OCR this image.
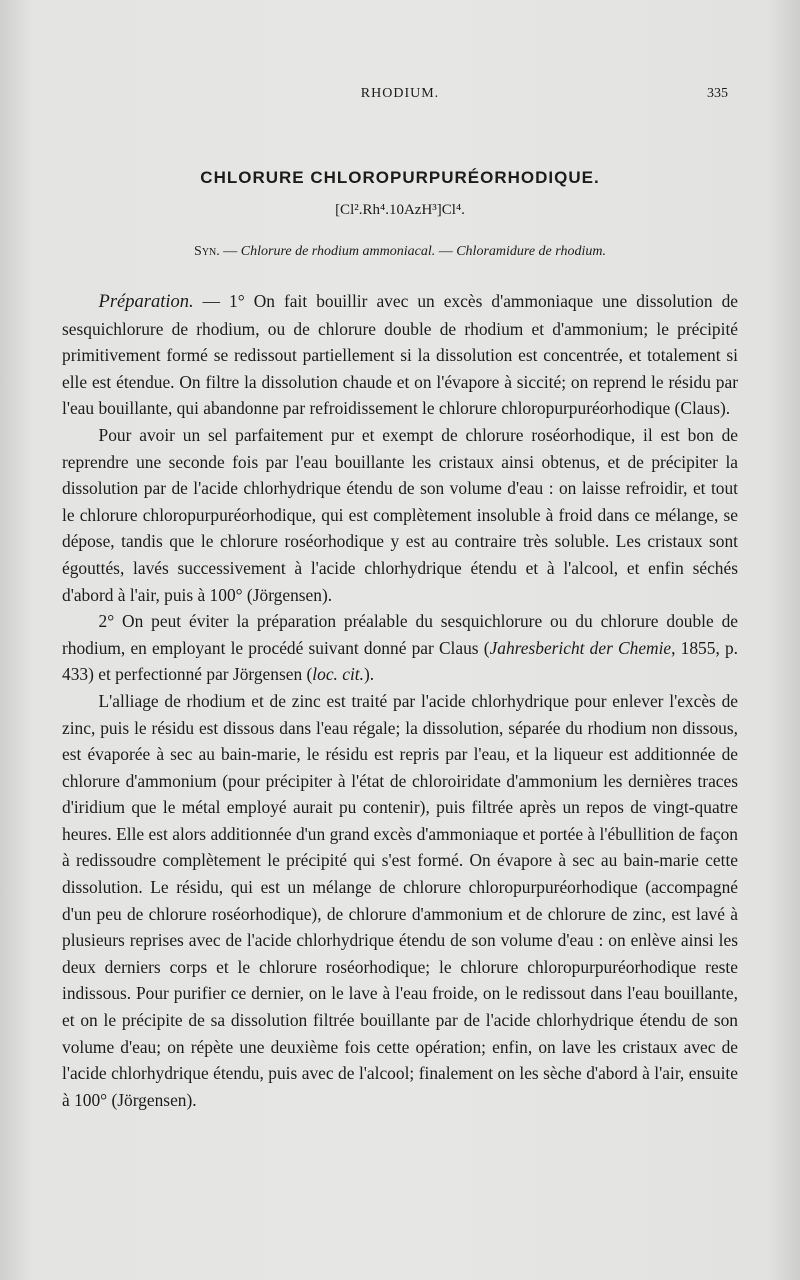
RHODIUM.	335
CHLORURE CHLOROPURPURÉORHODIQUE.
[Cl².Rh⁴.10AzH³]Cl⁴.
Syn. — Chlorure de rhodium ammoniacal. — Chloramidure de rhodium.

Préparation. — 1° On fait bouillir avec un excès d'ammoniaque une dissolution de sesquichlorure de rhodium, ou de chlorure double de rhodium et d'ammonium; le précipité primitivement formé se redissout partiellement si la dissolution est concentrée, et totalement si elle est étendue. On filtre la dissolution chaude et on l'évapore à siccité; on reprend le résidu par l'eau bouillante, qui abandonne par refroidissement le chlorure chloropurpuréorhodique (Claus).

Pour avoir un sel parfaitement pur et exempt de chlorure roséorhodique, il est bon de reprendre une seconde fois par l'eau bouillante les cristaux ainsi obtenus, et de précipiter la dissolution par de l'acide chlorhydrique étendu de son volume d'eau : on laisse refroidir, et tout le chlorure chloropurpuréorhodique, qui est complètement insoluble à froid dans ce mélange, se dépose, tandis que le chlorure roséorhodique y est au contraire très soluble. Les cristaux sont égouttés, lavés successivement à l'acide chlorhydrique étendu et à l'alcool, et enfin séchés d'abord à l'air, puis à 100° (Jörgensen).

2° On peut éviter la préparation préalable du sesquichlorure ou du chlorure double de rhodium, en employant le procédé suivant donné par Claus (Jahresbericht der Chemie, 1855, p. 433) et perfectionné par Jörgensen (loc. cit.).

L'alliage de rhodium et de zinc est traité par l'acide chlorhydrique pour enlever l'excès de zinc, puis le résidu est dissous dans l'eau régale; la dissolution, séparée du rhodium non dissous, est évaporée à sec au bain-marie, le résidu est repris par l'eau, et la liqueur est additionnée de chlorure d'ammonium (pour précipiter à l'état de chloroiridate d'ammonium les dernières traces d'iridium que le métal employé aurait pu contenir), puis filtrée après un repos de vingt-quatre heures. Elle est alors additionnée d'un grand excès d'ammoniaque et portée à l'ébullition de façon à redissoudre complètement le précipité qui s'est formé. On évapore à sec au bain-marie cette dissolution. Le résidu, qui est un mélange de chlorure chloropurpuréorhodique (accompagné d'un peu de chlorure roséorhodique), de chlorure d'ammonium et de chlorure de zinc, est lavé à plusieurs reprises avec de l'acide chlorhydrique étendu de son volume d'eau : on enlève ainsi les deux derniers corps et le chlorure roséorhodique; le chlorure chloropurpuréorhodique reste indissous. Pour purifier ce dernier, on le lave à l'eau froide, on le redissout dans l'eau bouillante, et on le précipite de sa dissolution filtrée bouillante par de l'acide chlorhydrique étendu de son volume d'eau; on répète une deuxième fois cette opération; enfin, on lave les cristaux avec de l'acide chlorhydrique étendu, puis avec de l'alcool; finalement on les sèche d'abord à l'air, ensuite à 100° (Jörgensen).
